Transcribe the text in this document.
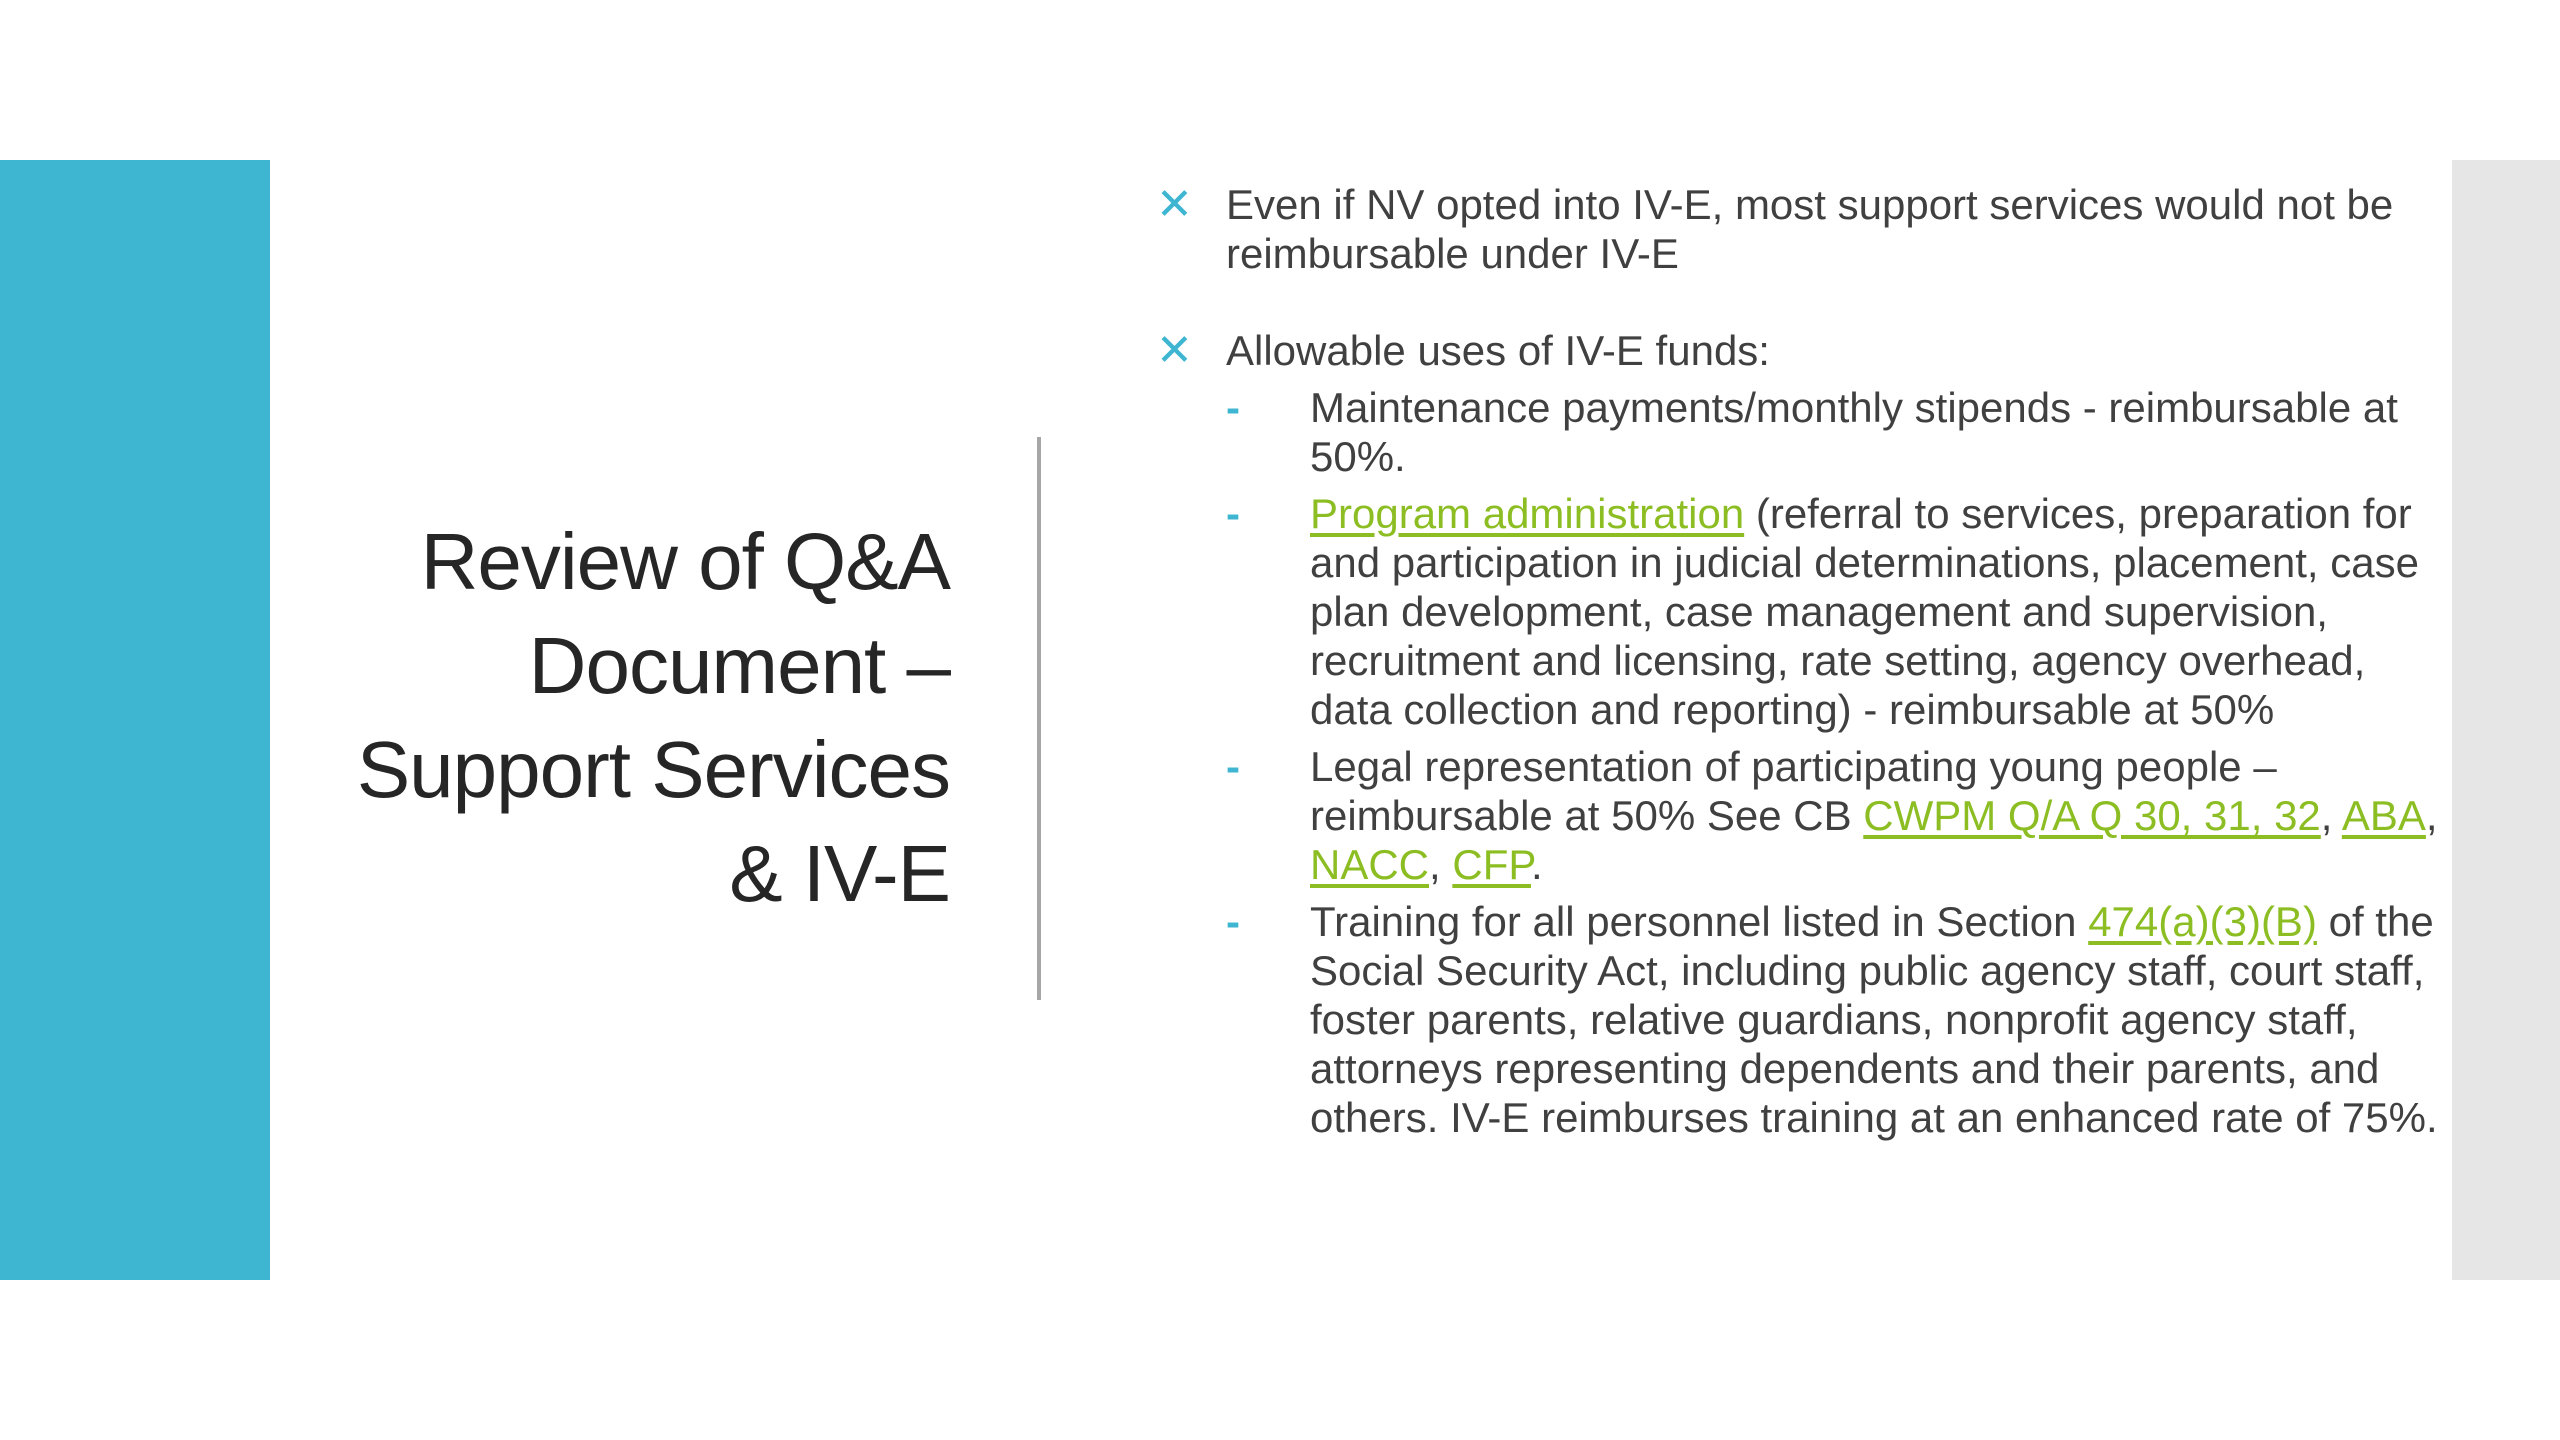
Review of Q&A Document – Support Services & IV-E
✕ Even if NV opted into IV-E, most support services would not be reimbursable under IV-E
✕ Allowable uses of IV-E funds:
-	Maintenance payments/monthly stipends - reimbursable at 50%.
-	Program administration (referral to services, preparation for and participation in judicial determinations, placement, case plan development, case management and supervision, recruitment and licensing, rate setting, agency overhead, data collection and reporting) - reimbursable at 50%
-	Legal representation of participating young people – reimbursable at 50% See CB CWPM Q/A Q 30, 31, 32, ABA, NACC, CFP.
-	Training for all personnel listed in Section 474(a)(3)(B) of the Social Security Act, including public agency staff, court staff, foster parents, relative guardians, nonprofit agency staff, attorneys representing dependents and their parents, and others. IV-E reimburses training at an enhanced rate of 75%.
